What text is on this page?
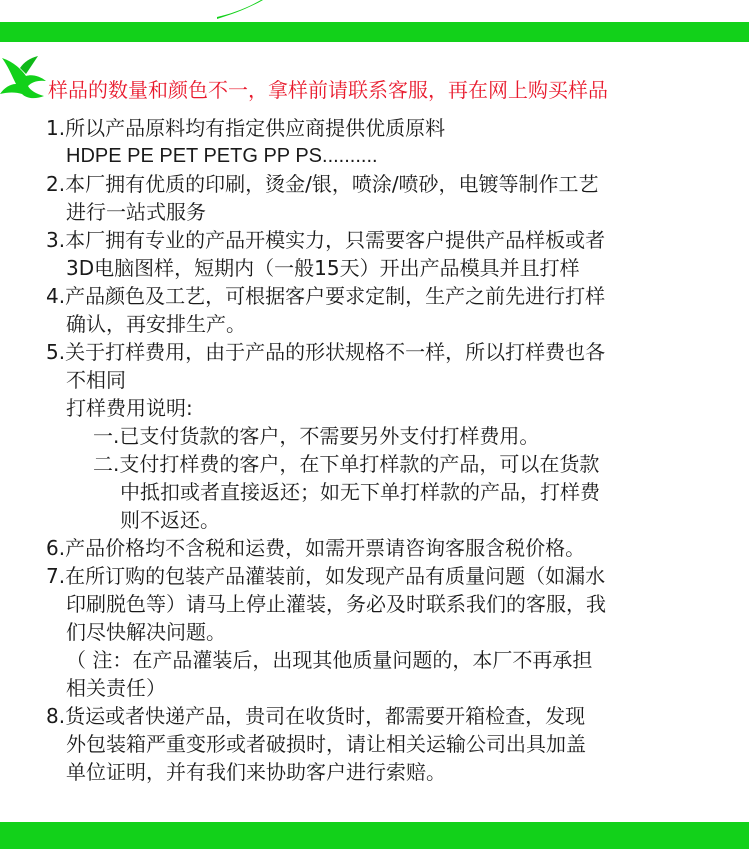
样品的数量和颜色不一，拿样前请联系客服，再在网上购买样品
1.所以产品原料均有指定供应商提供优质原料
HDPE PE PET PETG PP PS..........
2.本厂拥有优质的印刷，烫金/银，喷涂/喷砂，电镀等制作工艺
进行一站式服务
3.本厂拥有专业的产品开模实力，只需要客户提供产品样板或者
3D电脑图样，短期内（一般15天）开出产品模具并且打样
4.产品颜色及工艺，可根据客户要求定制，生产之前先进行打样
确认，再安排生产。
5.关于打样费用，由于产品的形状规格不一样，所以打样费也各
不相同
打样费用说明:
一.已支付货款的客户，不需要另外支付打样费用。
二.支付打样费的客户，在下单打样款的产品，可以在货款
中抵扣或者直接返还；如无下单打样款的产品，打样费
则不返还。
6.产品价格均不含税和运费，如需开票请咨询客服含税价格。
7.在所订购的包装产品灌装前，如发现产品有质量问题（如漏水
印刷脱色等）请马上停止灌装，务必及时联系我们的客服，我
们尽快解决问题。
（ 注：在产品灌装后，出现其他质量问题的，本厂不再承担
相关责任）
8.货运或者快递产品，贵司在收货时，都需要开箱检查，发现
外包装箱严重变形或者破损时，请让相关运输公司出具加盖
单位证明，并有我们来协助客户进行索赔。
